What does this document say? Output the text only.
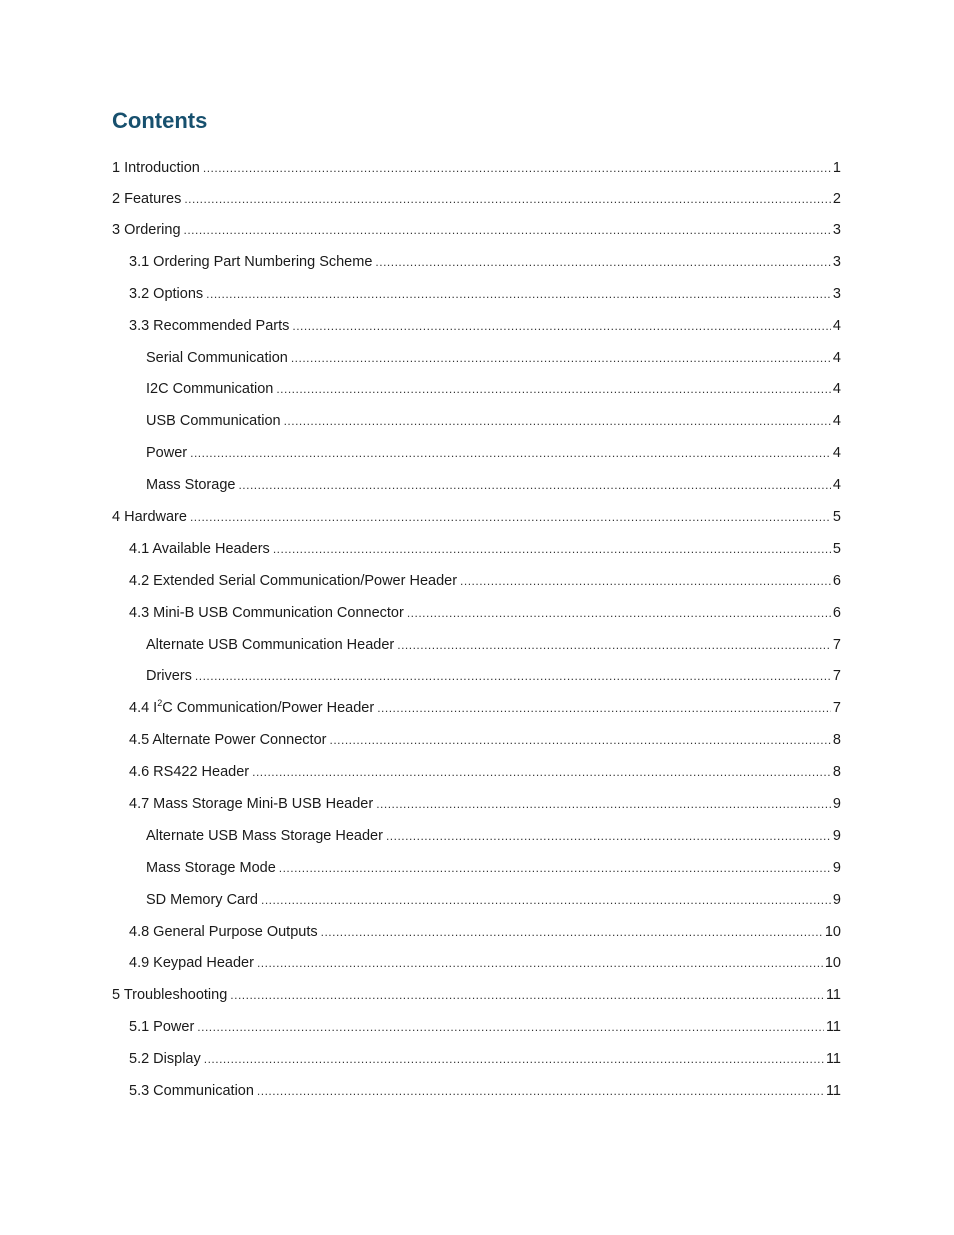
Contents
1 Introduction .....	1
2 Features .....	2
3 Ordering .....	3
3.1 Ordering Part Numbering Scheme .....	3
3.2 Options .....	3
3.3 Recommended Parts .....	4
Serial Communication .....	4
I2C Communication .....	4
USB Communication .....	4
Power .....	4
Mass Storage .....	4
4 Hardware .....	5
4.1 Available Headers .....	5
4.2 Extended Serial Communication/Power Header .....	6
4.3 Mini-B USB Communication Connector .....	6
Alternate USB Communication Header .....	7
Drivers .....	7
4.4 $I^2C$ Communication/Power Header .....	7
4.5 Alternate Power Connector .....	8
4.6 RS422 Header .....	8
4.7 Mass Storage Mini-B USB Header .....	9
Alternate USB Mass Storage Header .....	9
Mass Storage Mode .....	9
SD Memory Card .....	9
4.8 General Purpose Outputs .....	10
4.9 Keypad Header .....	10
5 Troubleshooting .....	11
5.1 Power .....	11
5.2 Display .....	11
5.3 Communication .....	11
